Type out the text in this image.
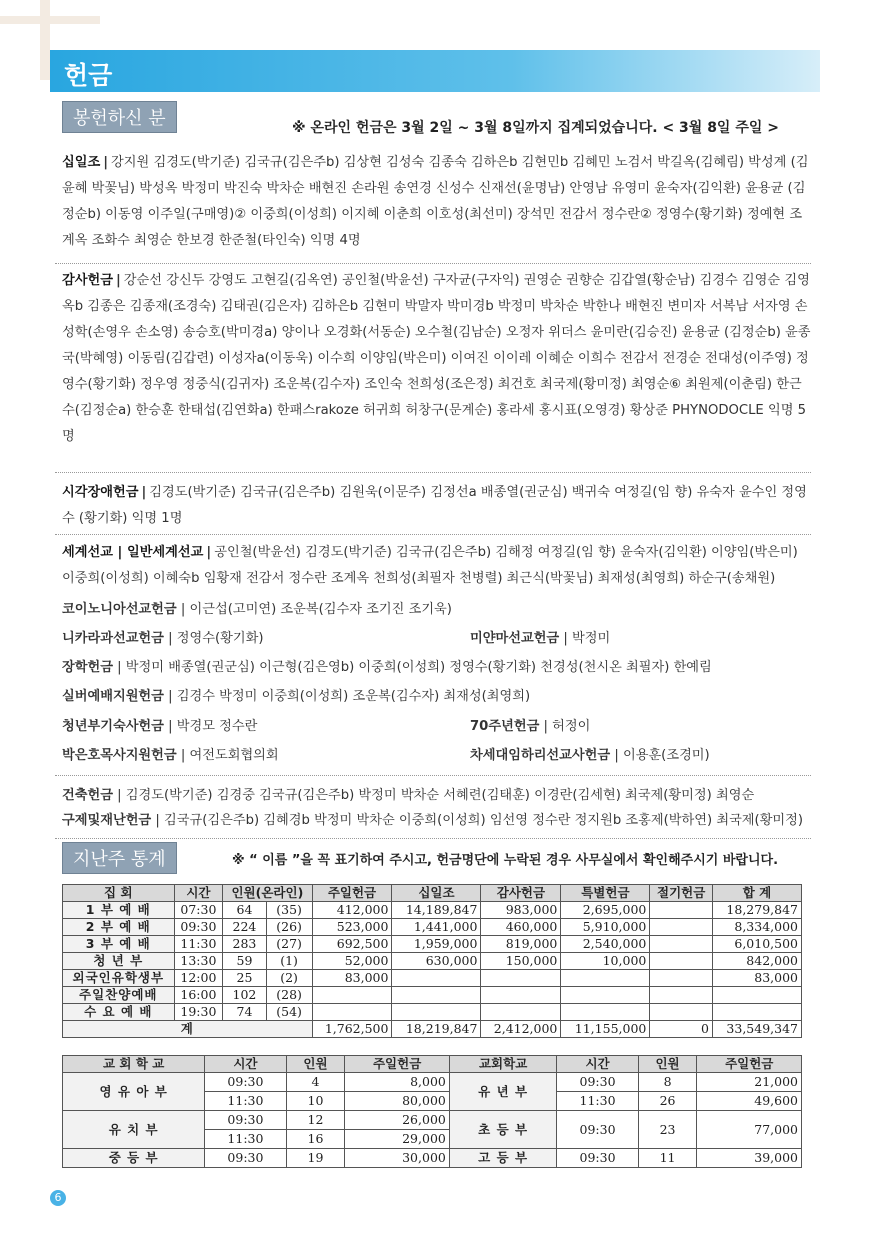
헌금
봉헌하신 분	※ 온라인 헌금은 3월 2일 ~ 3월 8일까지 집계되었습니다. < 3월 8일 주일 >
십일조 | 강지원 김경도(박기준) 김국규(김은주b) 김상현 김성숙 김종숙 김하은b 김현민b 김혜민 노검서 박길옥(김혜림) 박성계 (김윤혜 박꽃님) 박성옥 박정미 박진숙 박차순 배현진 손라원 송연경 신성수 신재선(윤명남) 안영남 유영미 윤숙자(김익환) 윤용균 (김정순b) 이동영 이주일(구매영)② 이중희(이성희) 이지혜 이춘희 이호성(최선미) 장석민 전감서 정수란② 정영수(황기화) 정예현 조계옥 조화수 최영순 한보경 한준철(타인숙) 익명 4명
감사헌금 | 강순선 강신두 강영도 고현길(김옥연) 공인철(박윤선) 구자균(구자익) 권영순 권향순 김갑열(황순남) 김경수 김영순 김영옥b 김종은 김종재(조경숙) 김태권(김은자) 김하은b 김현미 박말자 박미경b 박정미 박차순 박한나 배현진 변미자 서복남 서자영 손성학(손영우 손소영) 송승호(박미경a) 양이나 오경화(서동순) 오수철(김남순) 오정자 위더스 윤미란(김승진) 윤용균 (김정순b) 윤종국(박혜영) 이동림(김갑련) 이성자a(이동욱) 이수희 이양임(박은미) 이여진 이이레 이혜순 이희수 전감서 전경순 전대성(이주영) 정영수(황기화) 정우영 정중식(김귀자) 조운복(김수자) 조인숙 천희성(조은정) 최건호 최국제(황미정) 최영순⑥ 최원제(이춘림) 한근수(김정순a) 한승훈 한태섭(김연화a) 한패스rakoze 허귀희 허창구(문계순) 홍라세 홍시표(오영경) 황상준 PHYNODOCLE 익명 5명
시각장애헌금 | 김경도(박기준) 김국규(김은주b) 김원욱(이문주) 김정선a 배종열(권군심) 백귀숙 여정길(임 향) 유숙자 윤수인 정영수 (황기화) 익명 1명
세계선교 | 일반세계선교 | 공인철(박윤선) 김경도(박기준) 김국규(김은주b) 김해정 여정길(임 향) 윤숙자(김익환) 이양임(박은미) 이중희(이성희) 이혜숙b 임황재 전감서 정수란 조계옥 천희성(최필자 천병렬) 최근식(박꽃님) 최재성(최영희) 하순구(송채원)
코이노니아선교헌금 | 이근섭(고미연) 조운복(김수자 조기진 조기욱)
니카라과선교헌금 | 정영수(황기화)	미얀마선교헌금 | 박정미
장학헌금 | 박정미 배종열(권군심) 이근형(김은영b) 이중희(이성희) 정영수(황기화) 천경성(천시온 최필자) 한예림
실버예배지원헌금 | 김경수 박정미 이중희(이성희) 조운복(김수자) 최재성(최영희)
청년부기숙사헌금 | 박경모 정수란	70주년헌금 | 허정이
박은호목사지원헌금 | 여전도회협의회	차세대임하리선교사헌금 | 이용훈(조경미)
건축헌금 | 김경도(박기준) 김경중 김국규(김은주b) 박정미 박차순 서혜련(김태훈) 이경란(김세현) 최국제(황미정) 최영순
구제및재난헌금 | 김국규(김은주b) 김혜경b 박정미 박차순 이중희(이성희) 임선영 정수란 정지원b 조홍제(박하연) 최국제(황미정)
지난주 통계	※ “ 이름 ”을 꼭 표기하여 주시고, 헌금명단에 누락된 경우 사무실에서 확인해주시기 바랍니다.
집 회	시간	인원(온라인)		주일헌금	십일조	감사헌금	특별헌금	절기헌금	합 계
1 부 예 배	07:30	64	(35)	412,000	14,189,847	983,000	2,695,000		18,279,847
2 부 예 배	09:30	224	(26)	523,000	1,441,000	460,000	5,910,000		8,334,000
3 부 예 배	11:30	283	(27)	692,500	1,959,000	819,000	2,540,000		6,010,500
청 년 부	13:30	59	(1)	52,000	630,000	150,000	10,000		842,000
외국인유학생부	12:00	25	(2)	83,000					83,000
주일찬양예배	16:00	102	(28)						
수 요 예 배	19:30	74	(54)						
계				1,762,500	18,219,847	2,412,000	11,155,000	0	33,549,347
교 회 학 교	시간	인원	주일헌금	교회학교	시간	인원	주일헌금
영 유 아 부	09:30	4	8,000	유 년 부	09:30	8	21,000
	11:30	10	80,000		11:30	26	49,600
유 치 부	09:30	12	26,000	초 등 부	09:30	23	77,000
	11:30	16	29,000				
중 등 부	09:30	19	30,000	고 등 부	09:30	11	39,000
6
